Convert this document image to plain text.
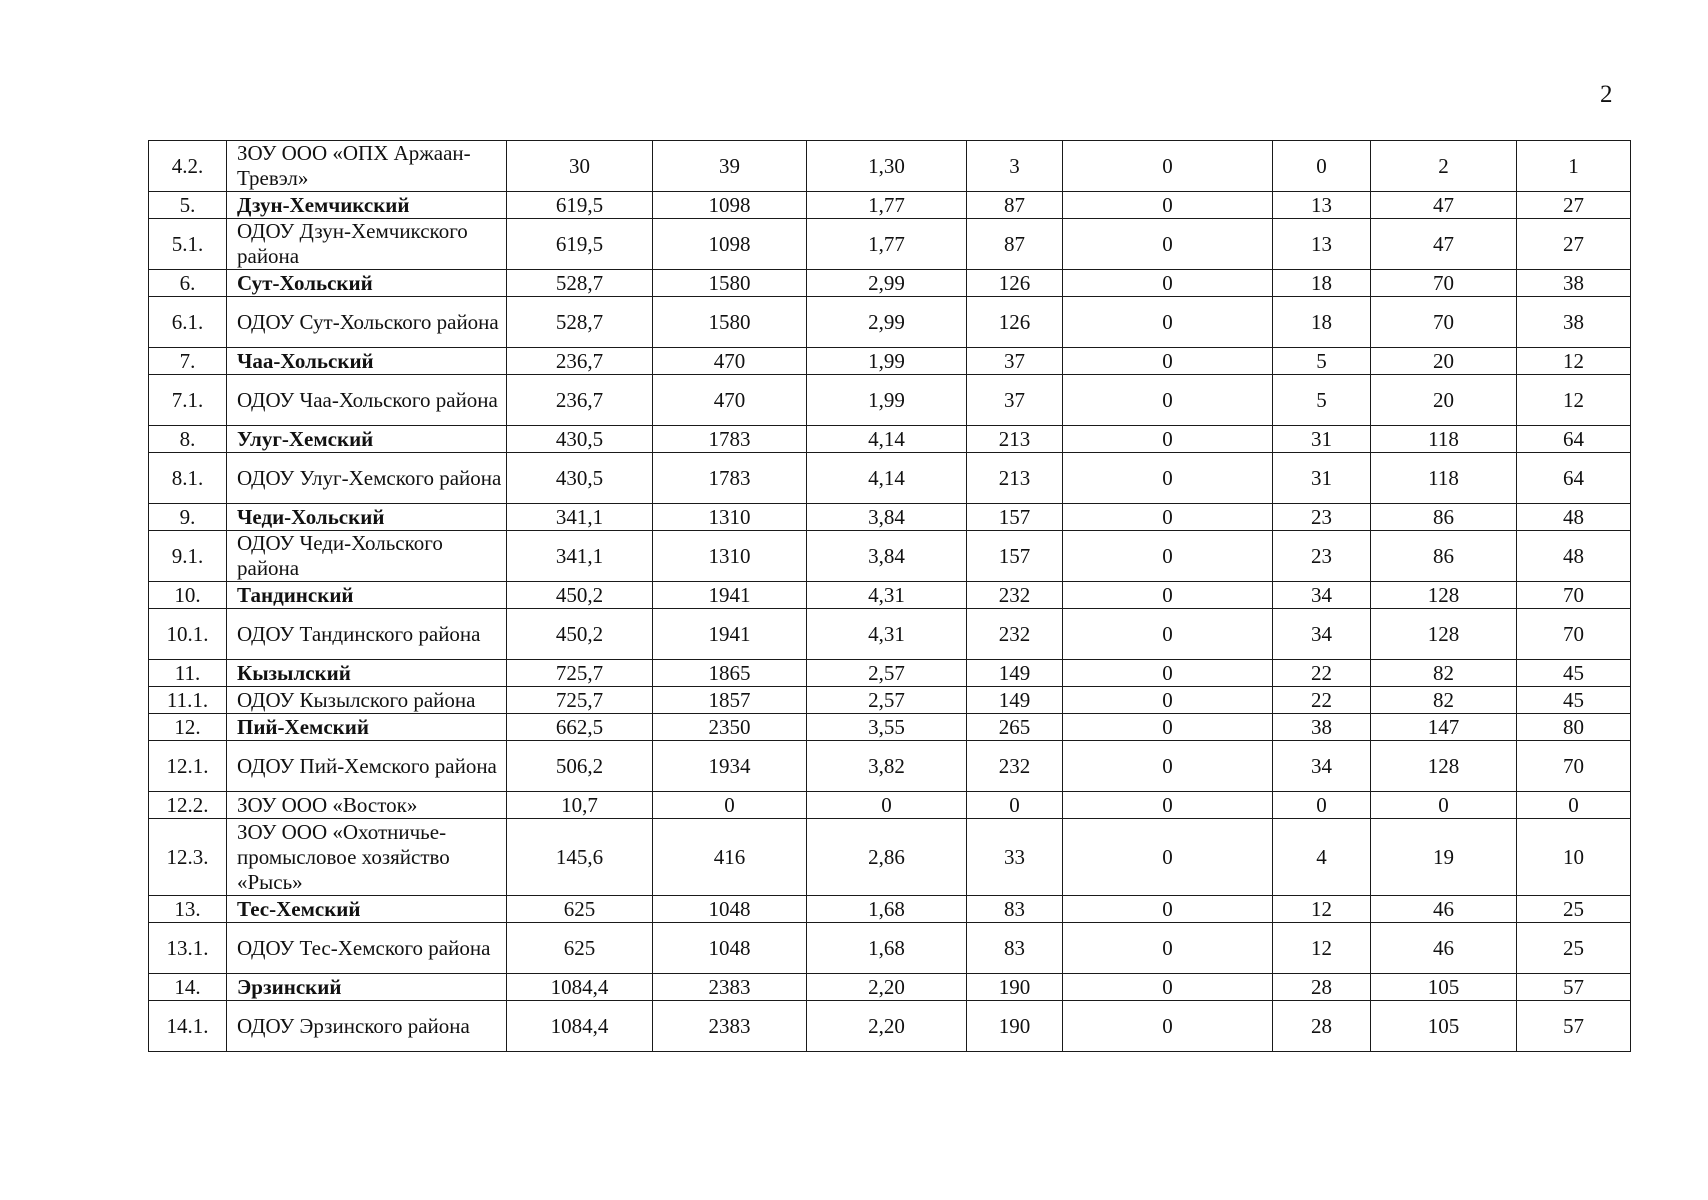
2
4.2.	ЗОУ ООО «ОПХ Аржаан-Тревэл»	30	39	1,30	3	0	0	2	1
5.	Дзун-Хемчикский	619,5	1098	1,77	87	0	13	47	27
5.1.	ОДОУ Дзун-Хемчикского района	619,5	1098	1,77	87	0	13	47	27
6.	Сут-Хольский	528,7	1580	2,99	126	0	18	70	38
6.1.	ОДОУ Сут-Хольского района	528,7	1580	2,99	126	0	18	70	38
7.	Чаа-Хольский	236,7	470	1,99	37	0	5	20	12
7.1.	ОДОУ Чаа-Хольского района	236,7	470	1,99	37	0	5	20	12
8.	Улуг-Хемский	430,5	1783	4,14	213	0	31	118	64
8.1.	ОДОУ Улуг-Хемского района	430,5	1783	4,14	213	0	31	118	64
9.	Чеди-Хольский	341,1	1310	3,84	157	0	23	86	48
9.1.	ОДОУ Чеди-Хольского района	341,1	1310	3,84	157	0	23	86	48
10.	Тандинский	450,2	1941	4,31	232	0	34	128	70
10.1.	ОДОУ Тандинского района	450,2	1941	4,31	232	0	34	128	70
11.	Кызылский	725,7	1865	2,57	149	0	22	82	45
11.1.	ОДОУ Кызылского района	725,7	1857	2,57	149	0	22	82	45
12.	Пий-Хемский	662,5	2350	3,55	265	0	38	147	80
12.1.	ОДОУ Пий-Хемского района	506,2	1934	3,82	232	0	34	128	70
12.2.	ЗОУ ООО «Восток»	10,7	0	0	0	0	0	0	0
12.3.	ЗОУ ООО «Охотничье-промысловое хозяйство «Рысь»	145,6	416	2,86	33	0	4	19	10
13.	Тес-Хемский	625	1048	1,68	83	0	12	46	25
13.1.	ОДОУ Тес-Хемского района	625	1048	1,68	83	0	12	46	25
14.	Эрзинский	1084,4	2383	2,20	190	0	28	105	57
14.1.	ОДОУ Эрзинского района	1084,4	2383	2,20	190	0	28	105	57
